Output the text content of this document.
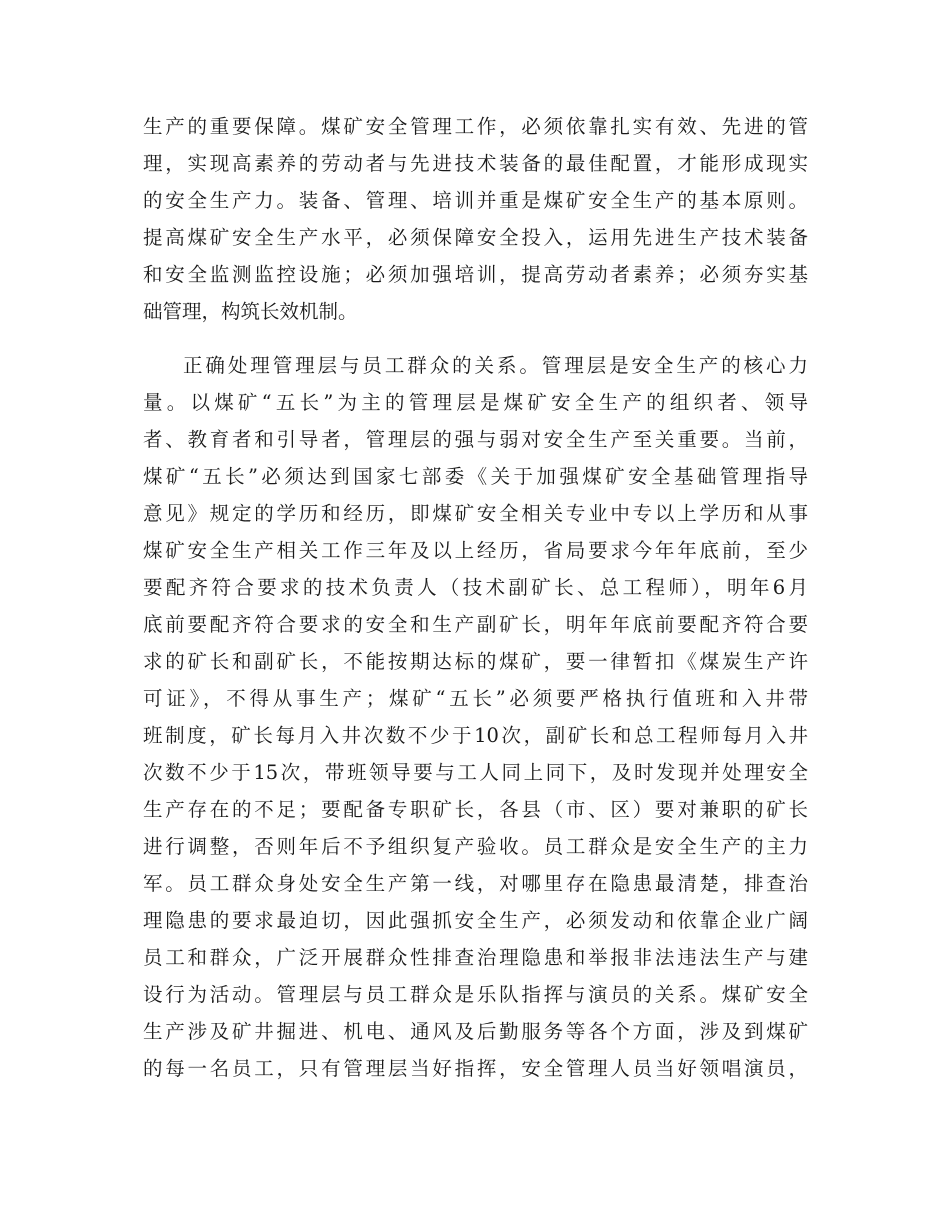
生产的重要保障。煤矿安全管理工作，必须依靠扎实有效、先进的管
理，实现高素养的劳动者与先进技术装备的最佳配置，才能形成现实
的安全生产力。装备、管理、培训并重是煤矿安全生产的基本原则。
提高煤矿安全生产水平，必须保障安全投入，运用先进生产技术装备
和安全监测监控设施；必须加强培训，提高劳动者素养；必须夯实基
础管理，构筑长效机制。
正确处理管理层与员工群众的关系。管理层是安全生产的核心力
量。以煤矿“五长”为主的管理层是煤矿安全生产的组织者、领导
者、教育者和引导者，管理层的强与弱对安全生产至关重要。当前，
煤矿“五长”必须达到国家七部委《关于加强煤矿安全基础管理指导
意见》规定的学历和经历，即煤矿安全相关专业中专以上学历和从事
煤矿安全生产相关工作三年及以上经历，省局要求今年年底前，至少
要配齐符合要求的技术负责人（技术副矿长、总工程师），明年6月
底前要配齐符合要求的安全和生产副矿长，明年年底前要配齐符合要
求的矿长和副矿长，不能按期达标的煤矿，要一律暂扣《煤炭生产许
可证》，不得从事生产；煤矿“五长”必须要严格执行值班和入井带
班制度，矿长每月入井次数不少于10次，副矿长和总工程师每月入井
次数不少于15次，带班领导要与工人同上同下，及时发现并处理安全
生产存在的不足；要配备专职矿长，各县（市、区）要对兼职的矿长
进行调整，否则年后不予组织复产验收。员工群众是安全生产的主力
军。员工群众身处安全生产第一线，对哪里存在隐患最清楚，排查治
理隐患的要求最迫切，因此强抓安全生产，必须发动和依靠企业广阔
员工和群众，广泛开展群众性排查治理隐患和举报非法违法生产与建
设行为活动。管理层与员工群众是乐队指挥与演员的关系。煤矿安全
生产涉及矿井掘进、机电、通风及后勤服务等各个方面，涉及到煤矿
的每一名员工，只有管理层当好指挥，安全管理人员当好领唱演员，
